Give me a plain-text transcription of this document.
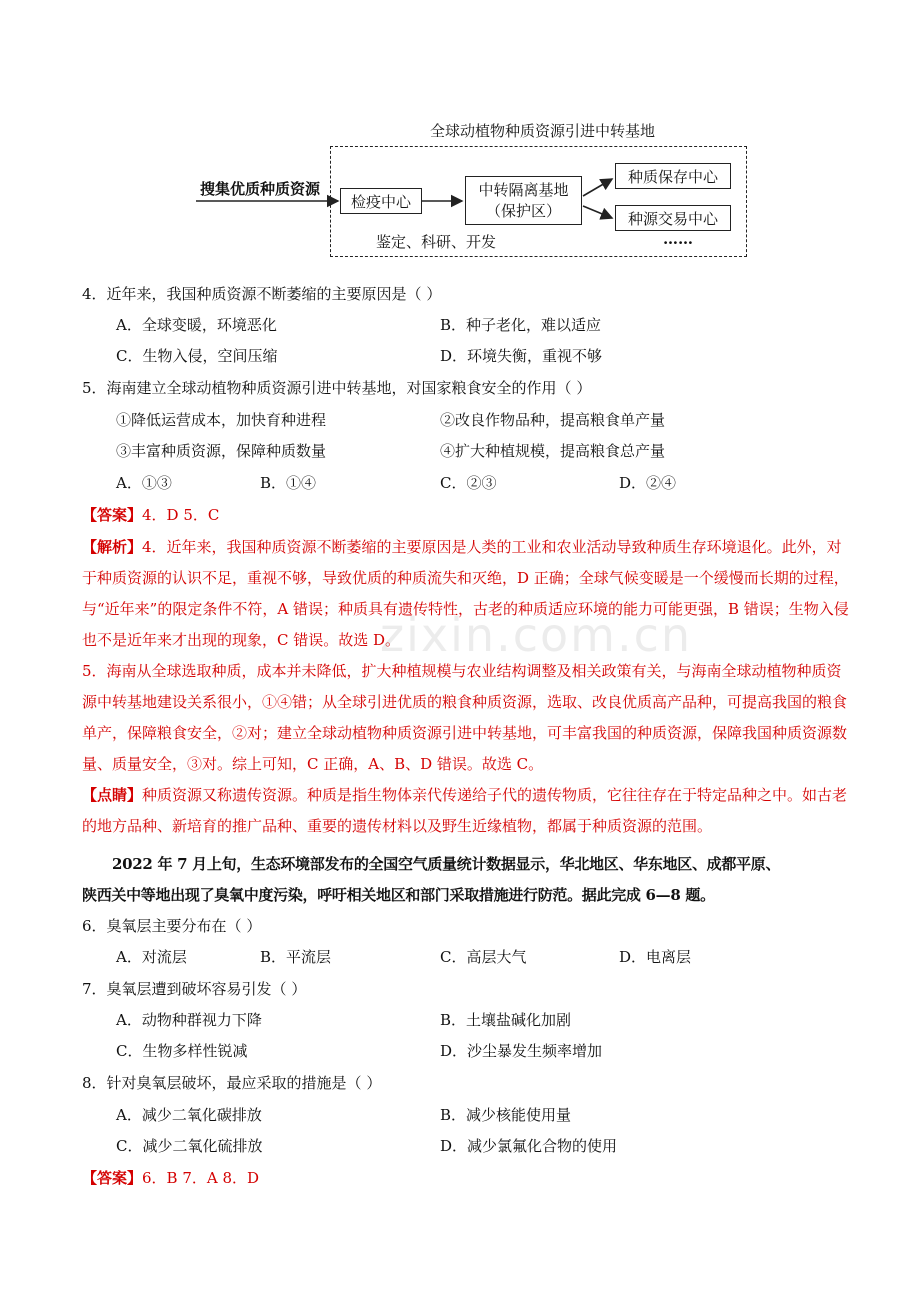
全球动植物种质资源引进中转基地
搜集优质种质资源
检疫中心
中转隔离基地
（保护区）
种质保存中心
种源交易中心
鉴定、科研、开发	……
4．近年来，我国种质资源不断萎缩的主要原因是（ ）
A．全球变暖，环境恶化	B．种子老化，难以适应
C．生物入侵，空间压缩	D．环境失衡，重视不够
5．海南建立全球动植物种质资源引进中转基地，对国家粮食安全的作用（ ）
①降低运营成本，加快育种进程	②改良作物品种，提高粮食单产量
③丰富种质资源，保障种质数量	④扩大种植规模，提高粮食总产量
A．①③	B．①④	C．②③	D．②④
【答案】4．D 5．C
【解析】4．近年来，我国种质资源不断萎缩的主要原因是人类的工业和农业活动导致种质生存环境退化。此外，对于种质资源的认识不足，重视不够，导致优质的种质流失和灭绝，D 正确；全球气候变暖是一个缓慢而长期的过程，与“近年来”的限定条件不符，A 错误；种质具有遗传特性，古老的种质适应环境的能力可能更强，B 错误；生物入侵也不是近年来才出现的现象，C 错误。故选 D。
5．海南从全球选取种质，成本并未降低，扩大种植规模与农业结构调整及相关政策有关，与海南全球动植物种质资源中转基地建设关系很小，①④错；从全球引进优质的粮食种质资源，选取、改良优质高产品种，可提高我国的粮食单产，保障粮食安全，②对；建立全球动植物种质资源引进中转基地，可丰富我国的种质资源，保障我国种质资源数量、质量安全，③对。综上可知，C 正确，A、B、D 错误。故选 C。
【点睛】种质资源又称遗传资源。种质是指生物体亲代传递给子代的遗传物质，它往往存在于特定品种之中。如古老的地方品种、新培育的推广品种、重要的遗传材料以及野生近缘植物，都属于种质资源的范围。
2022 年 7 月上旬，生态环境部发布的全国空气质量统计数据显示，华北地区、华东地区、成都平原、
陕西关中等地出现了臭氧中度污染，呼吁相关地区和部门采取措施进行防范。据此完成 6—8 题。
6．臭氧层主要分布在（ ）
A．对流层	B．平流层	C．高层大气	D．电离层
7．臭氧层遭到破坏容易引发（ ）
A．动物种群视力下降	B．土壤盐碱化加剧
C．生物多样性锐减	D．沙尘暴发生频率增加
8．针对臭氧层破坏，最应采取的措施是（ ）
A．减少二氧化碳排放	B．减少核能使用量
C．减少二氧化硫排放	D．减少氯氟化合物的使用
【答案】6．B 7．A 8．D
zixin.com.cn
